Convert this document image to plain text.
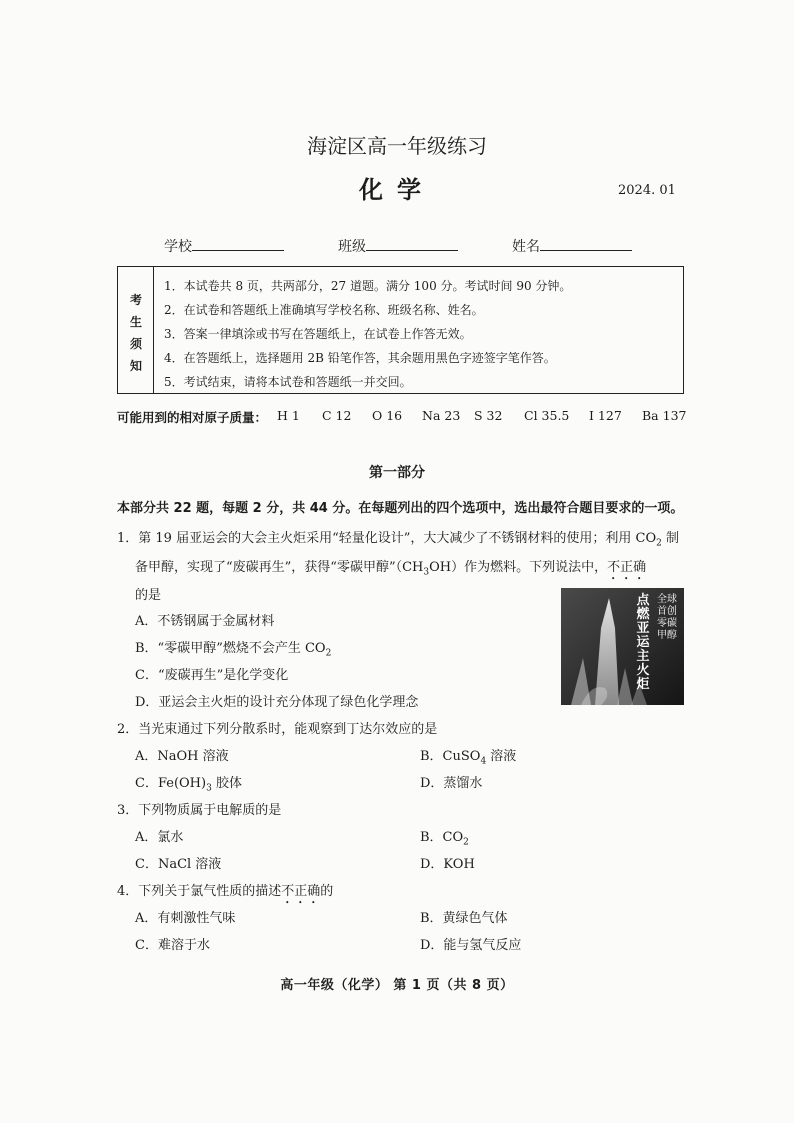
海淀区高一年级练习
化学	2024. 01
学校	班级	姓名
考
生
须
知
1．本试卷共 8 页，共两部分，27 道题。满分 100 分。考试时间 90 分钟。
2．在试卷和答题纸上准确填写学校名称、班级名称、姓名。
3．答案一律填涂或书写在答题纸上，在试卷上作答无效。
4．在答题纸上，选择题用 2B 铅笔作答，其余题用黑色字迹签字笔作答。
5．考试结束，请将本试卷和答题纸一并交回。
可能用到的相对原子质量： H 1 C 12 O 16 Na 23 S 32 Cl 35.5 I 127 Ba 137
第一部分
本部分共 22 题，每题 2 分，共 44 分。在每题列出的四个选项中，选出最符合题目要求的一项。
1．第 19 届亚运会的大会主火炬采用“轻量化设计”，大大减少了不锈钢材料的使用；利用 $CO_2$ 制
备甲醇，实现了“废碳再生”，获得“零碳甲醇$”(CH_3OH)$作为燃料。下列说法中，不正确
的是
A．不锈钢属于金属材料
B．“零碳甲醇”燃烧不会产生 $CO_2$
C．“废碳再生”是化学变化
D．亚运会主火炬的设计充分体现了绿色化学理念
点燃亚运主火炬
全球首创零碳甲醇
2．当光束通过下列分散系时，能观察到丁达尔效应的是
A．NaOH 溶液	B．CuSO$_4$ 溶液
C．$Fe(OH)_3$ 胶体	D．蒸馏水
3．下列物质属于电解质的是
A．氯水	B．$CO_2$
C．NaCl 溶液	D．KOH
4．下列关于氯气性质的描述不正确的
A．有刺激性气味	B．黄绿色气体
C．难溶于水	D．能与氢气反应
高一年级（化学） 第 1 页（共 8 页）
